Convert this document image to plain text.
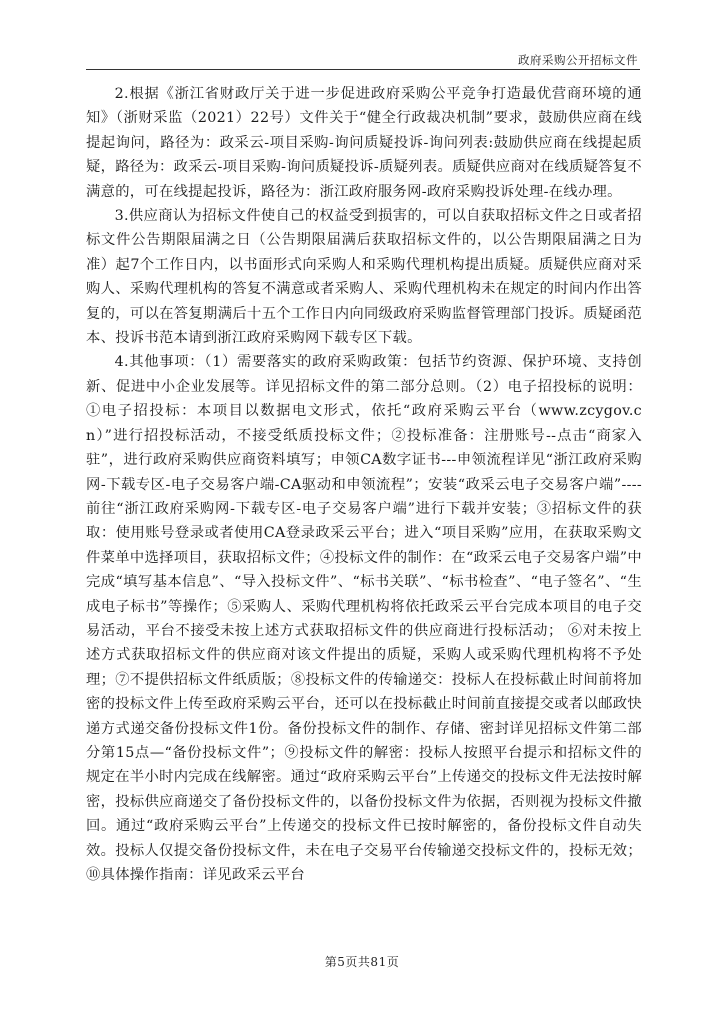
政府采购公开招标文件

2.根据《浙江省财政厅关于进一步促进政府采购公平竞争打造最优营商环境的通知》（浙财采监（2021）22号）文件关于“健全行政裁决机制”要求，鼓励供应商在线提起询问，路径为：政采云-项目采购-询问质疑投诉-询问列表:鼓励供应商在线提起质疑，路径为：政采云-项目采购-询问质疑投诉-质疑列表。质疑供应商对在线质疑答复不满意的，可在线提起投诉，路径为：浙江政府服务网-政府采购投诉处理-在线办理。

3.供应商认为招标文件使自己的权益受到损害的，可以自获取招标文件之日或者招标文件公告期限届满之日（公告期限届满后获取招标文件的，以公告期限届满之日为准）起7个工作日内，以书面形式向采购人和采购代理机构提出质疑。质疑供应商对采购人、采购代理机构的答复不满意或者采购人、采购代理机构未在规定的时间内作出答复的，可以在答复期满后十五个工作日内向同级政府采购监督管理部门投诉。质疑函范本、投诉书范本请到浙江政府采购网下载专区下载。

4.其他事项：（1）需要落实的政府采购政策：包括节约资源、保护环境、支持创新、促进中小企业发展等。详见招标文件的第二部分总则。（2）电子招投标的说明：①电子招投标：本项目以数据电文形式，依托“政府采购云平台（www.zcygov.cn）”进行招投标活动，不接受纸质投标文件；②投标准备：注册账号--点击“商家入驻”，进行政府采购供应商资料填写；申领CA数字证书---申领流程详见“浙江政府采购网-下载专区-电子交易客户端-CA驱动和申领流程”；安装“政采云电子交易客户端”----前往“浙江政府采购网-下载专区-电子交易客户端”进行下载并安装；③招标文件的获取：使用账号登录或者使用CA登录政采云平台；进入“项目采购”应用，在获取采购文件菜单中选择项目，获取招标文件；④投标文件的制作：在“政采云电子交易客户端”中完成“填写基本信息”、“导入投标文件”、“标书关联”、“标书检查”、“电子签名”、“生成电子标书”等操作；⑤采购人、采购代理机构将依托政采云平台完成本项目的电子交易活动，平台不接受未按上述方式获取招标文件的供应商进行投标活动； ⑥对未按上述方式获取招标文件的供应商对该文件提出的质疑，采购人或采购代理机构将不予处理；⑦不提供招标文件纸质版；⑧投标文件的传输递交：投标人在投标截止时间前将加密的投标文件上传至政府采购云平台，还可以在投标截止时间前直接提交或者以邮政快递方式递交备份投标文件1份。备份投标文件的制作、存储、密封详见招标文件第二部分第15点—“备份投标文件”；⑨投标文件的解密：投标人按照平台提示和招标文件的规定在半小时内完成在线解密。通过“政府采购云平台”上传递交的投标文件无法按时解密，投标供应商递交了备份投标文件的，以备份投标文件为依据，否则视为投标文件撤回。通过“政府采购云平台”上传递交的投标文件已按时解密的，备份投标文件自动失效。投标人仅提交备份投标文件，未在电子交易平台传输递交投标文件的，投标无效；⑩具体操作指南：详见政采云平台

第5页共81页
